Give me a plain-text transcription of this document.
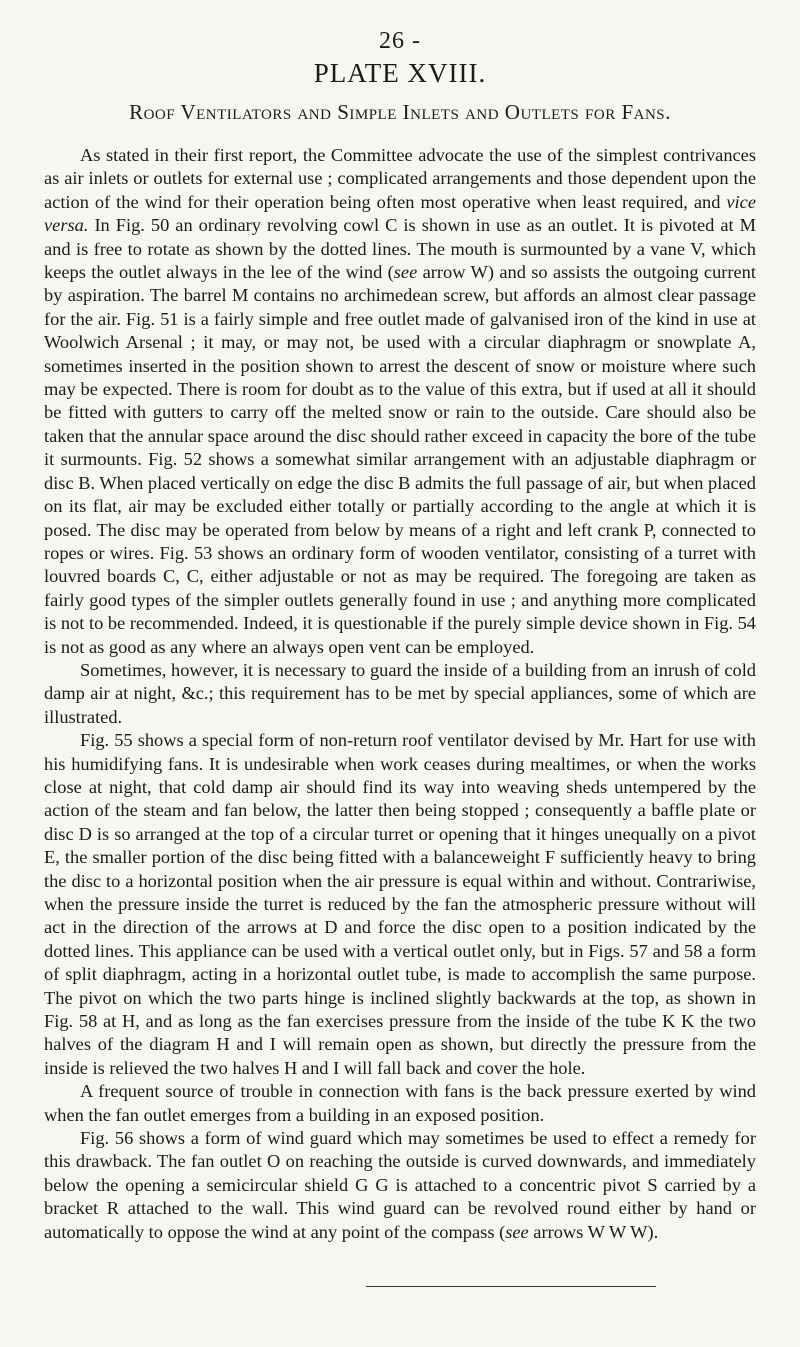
26 -
PLATE XVIII.
Roof Ventilators and Simple Inlets and Outlets for Fans.

As stated in their first report, the Committee advocate the use of the simplest contrivances as air inlets or outlets for external use ; complicated arrangements and those dependent upon the action of the wind for their operation being often most operative when least required, and vice versa. In Fig. 50 an ordinary revolving cowl C is shown in use as an outlet. It is pivoted at M and is free to rotate as shown by the dotted lines. The mouth is surmounted by a vane V, which keeps the outlet always in the lee of the wind (see arrow W) and so assists the outgoing current by aspiration. The barrel M contains no archimedean screw, but affords an almost clear passage for the air. Fig. 51 is a fairly simple and free outlet made of galvanised iron of the kind in use at Woolwich Arsenal ; it may, or may not, be used with a circular diaphragm or snowplate A, sometimes inserted in the position shown to arrest the descent of snow or moisture where such may be expected. There is room for doubt as to the value of this extra, but if used at all it should be fitted with gutters to carry off the melted snow or rain to the outside. Care should also be taken that the annular space around the disc should rather exceed in capacity the bore of the tube it surmounts. Fig. 52 shows a somewhat similar arrangement with an adjustable diaphragm or disc B. When placed vertically on edge the disc B admits the full passage of air, but when placed on its flat, air may be excluded either totally or partially according to the angle at which it is posed. The disc may be operated from below by means of a right and left crank P, connected to ropes or wires. Fig. 53 shows an ordinary form of wooden ventilator, consisting of a turret with louvred boards C, C, either adjustable or not as may be required. The foregoing are taken as fairly good types of the simpler outlets generally found in use ; and anything more complicated is not to be recommended. Indeed, it is questionable if the purely simple device shown in Fig. 54 is not as good as any where an always open vent can be employed.

Sometimes, however, it is necessary to guard the inside of a building from an inrush of cold damp air at night, &c.; this requirement has to be met by special appliances, some of which are illustrated.

Fig. 55 shows a special form of non-return roof ventilator devised by Mr. Hart for use with his humidifying fans. It is undesirable when work ceases during mealtimes, or when the works close at night, that cold damp air should find its way into weaving sheds untempered by the action of the steam and fan below, the latter then being stopped ; consequently a baffle plate or disc D is so arranged at the top of a circular turret or opening that it hinges unequally on a pivot E, the smaller portion of the disc being fitted with a balanceweight F sufficiently heavy to bring the disc to a horizontal position when the air pressure is equal within and without. Contrariwise, when the pressure inside the turret is reduced by the fan the atmospheric pressure without will act in the direction of the arrows at D and force the disc open to a position indicated by the dotted lines. This appliance can be used with a vertical outlet only, but in Figs. 57 and 58 a form of split diaphragm, acting in a horizontal outlet tube, is made to accomplish the same purpose. The pivot on which the two parts hinge is inclined slightly backwards at the top, as shown in Fig. 58 at H, and as long as the fan exercises pressure from the inside of the tube K K the two halves of the diagram H and I will remain open as shown, but directly the pressure from the inside is relieved the two halves H and I will fall back and cover the hole.

A frequent source of trouble in connection with fans is the back pressure exerted by wind when the fan outlet emerges from a building in an exposed position.

Fig. 56 shows a form of wind guard which may sometimes be used to effect a remedy for this drawback. The fan outlet O on reaching the outside is curved downwards, and immediately below the opening a semicircular shield G G is attached to a concentric pivot S carried by a bracket R attached to the wall. This wind guard can be revolved round either by hand or automatically to oppose the wind at any point of the compass (see arrows W W W).
